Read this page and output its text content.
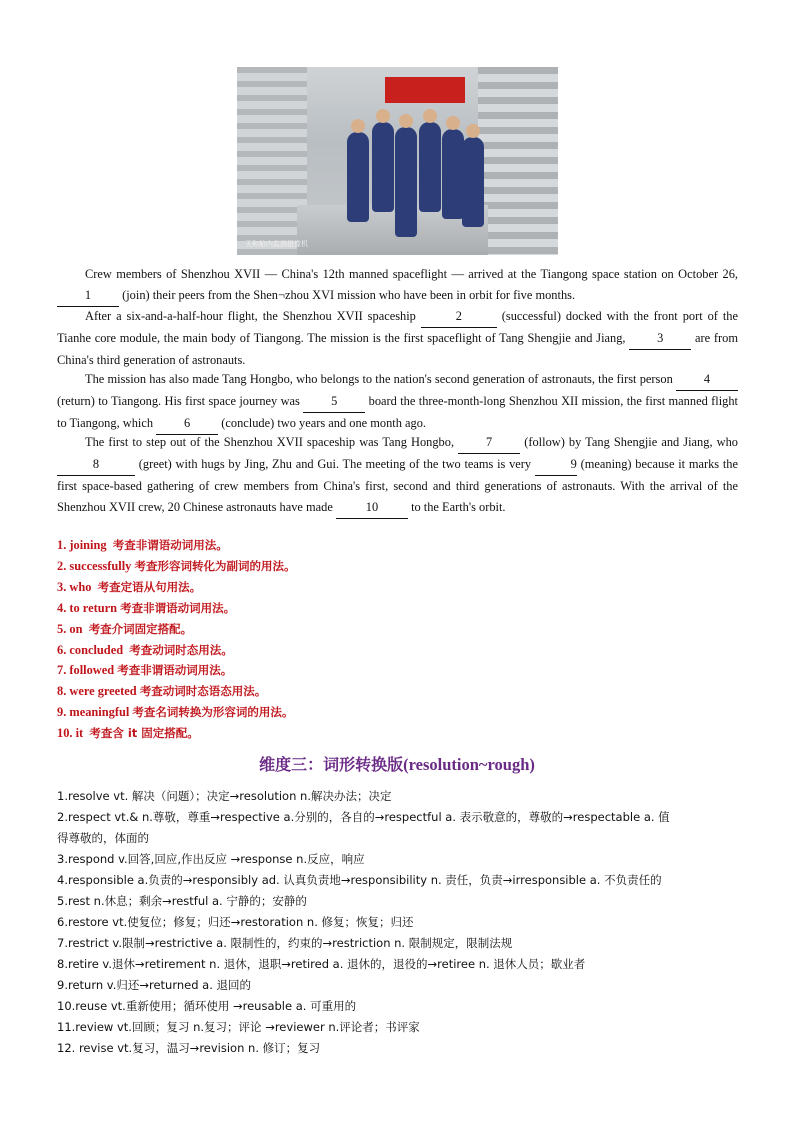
天和舱内监测摄像机
Crew members of Shenzhou XVII — China's 12th manned spaceflight — arrived at the Tiangong space station on October 26, 1	(join) their peers from the Shen¬zhou XVI mission who have been in orbit for five months.
After a six-and-a-half-hour flight, the Shenzhou XVII spaceship	2	(successful) docked with the front port of the Tianhe core module, the main body of Tiangong. The mission is the first spaceflight of Tang Shengjie and Jiang,	3	are from China's third generation of astronauts.
The mission has also made Tang Hongbo, who belongs to the nation's second generation of astronauts, the first person	4 (return) to Tiangong. His first space journey was	5	board the three-month-long Shenzhou XII mission, the first manned flight to Tiangong, which	6	(conclude) two years and one month ago.
The first to step out of the Shenzhou XVII spaceship was Tang Hongbo,	7	(follow) by Tang Shengjie and Jiang, who 8	(greet) with hugs by Jing, Zhu and Gui. The meeting of the two teams is very	9 (meaning) because it marks the first space-based gathering of crew members from China's first, second and third generations of astronauts. With the arrival of the Shenzhou XVII crew, 20 Chinese astronauts have made	10	to the Earth's orbit.
1. joining 考查非谓语动词用法。
2. successfully 考查形容词转化为副词的用法。
3. who 考查定语从句用法。
4. to return 考查非谓语动词用法。
5. on 考查介词固定搭配。
6. concluded 考查动词时态用法。
7. followed 考查非谓语动词用法。
8. were greeted 考查动词时态语态用法。
9. meaningful 考查名词转换为形容词的用法。
10. it 考查含 it 固定搭配。
维度三：词形转换版(resolution~rough)
1.resolve vt. 解决（问题）；决定→resolution n.解决办法；决定
2.respect vt.& n.尊敬，尊重→respective a.分别的，各自的→respectful a. 表示敬意的，尊敬的→respectable a. 值
得尊敬的，体面的
3.respond v.回答,回应,作出反应 →response n.反应，响应
4.responsible a.负责的→responsibly ad. 认真负责地→responsibility n. 责任，负责→irresponsible a. 不负责任的
5.rest n.休息；剩余→restful a. 宁静的；安静的
6.restore vt.使复位；修复；归还→restoration n. 修复；恢复；归还
7.restrict v.限制→restrictive a. 限制性的，约束的→restriction n. 限制规定，限制法规
8.retire v.退休→retirement n. 退休，退职→retired a. 退休的，退役的→retiree n. 退休人员；歇业者
9.return v.归还→returned a. 退回的
10.reuse vt.重新使用；循环使用 →reusable a. 可重用的
11.review vt.回顾；复习 n.复习；评论 →reviewer n.评论者；书评家
12. revise vt.复习，温习→revision n. 修订；复习
